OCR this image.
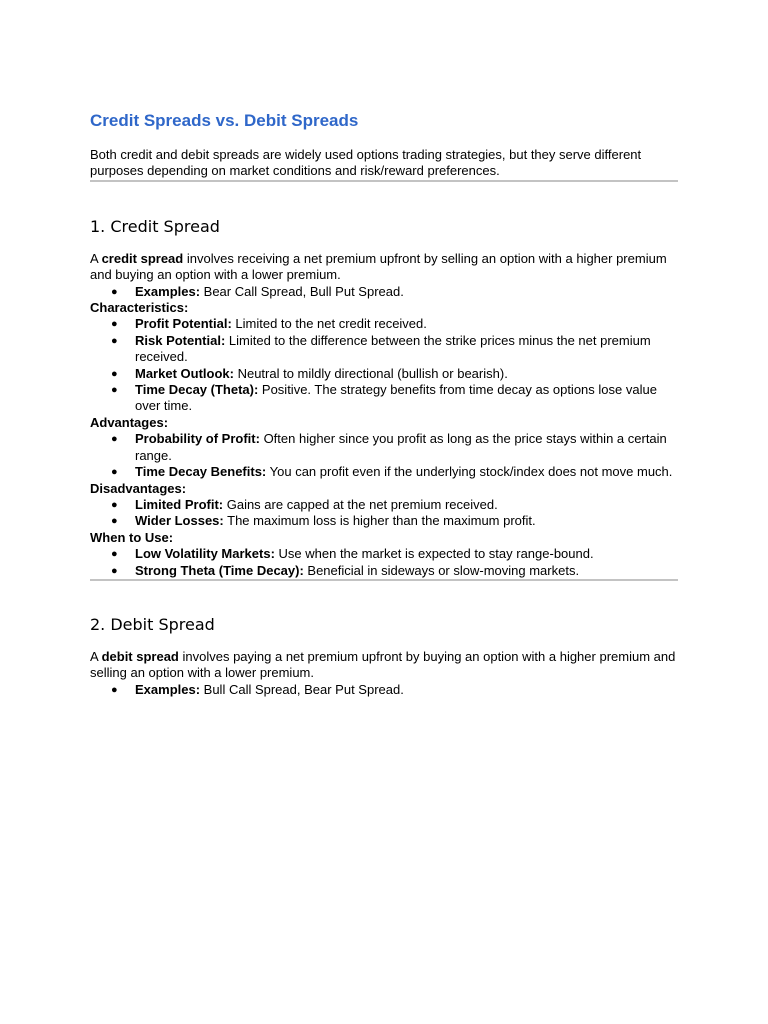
Credit Spreads vs. Debit Spreads

Both credit and debit spreads are widely used options trading strategies, but they serve different purposes depending on market conditions and risk/reward preferences.

1. Credit Spread

A credit spread involves receiving a net premium upfront by selling an option with a higher premium and buying an option with a lower premium.

● Examples: Bear Call Spread, Bull Put Spread.

Characteristics:

● Profit Potential: Limited to the net credit received.
● Risk Potential: Limited to the difference between the strike prices minus the net premium received.
● Market Outlook: Neutral to mildly directional (bullish or bearish).
● Time Decay (Theta): Positive. The strategy benefits from time decay as options lose value over time.

Advantages:

● Probability of Profit: Often higher since you profit as long as the price stays within a certain range.
● Time Decay Benefits: You can profit even if the underlying stock/index does not move much.

Disadvantages:

● Limited Profit: Gains are capped at the net premium received.
● Wider Losses: The maximum loss is higher than the maximum profit.

When to Use:

● Low Volatility Markets: Use when the market is expected to stay range-bound.
● Strong Theta (Time Decay): Beneficial in sideways or slow-moving markets.
2. Debit Spread

A debit spread involves paying a net premium upfront by buying an option with a higher premium and selling an option with a lower premium.

● Examples: Bull Call Spread, Bear Put Spread.
